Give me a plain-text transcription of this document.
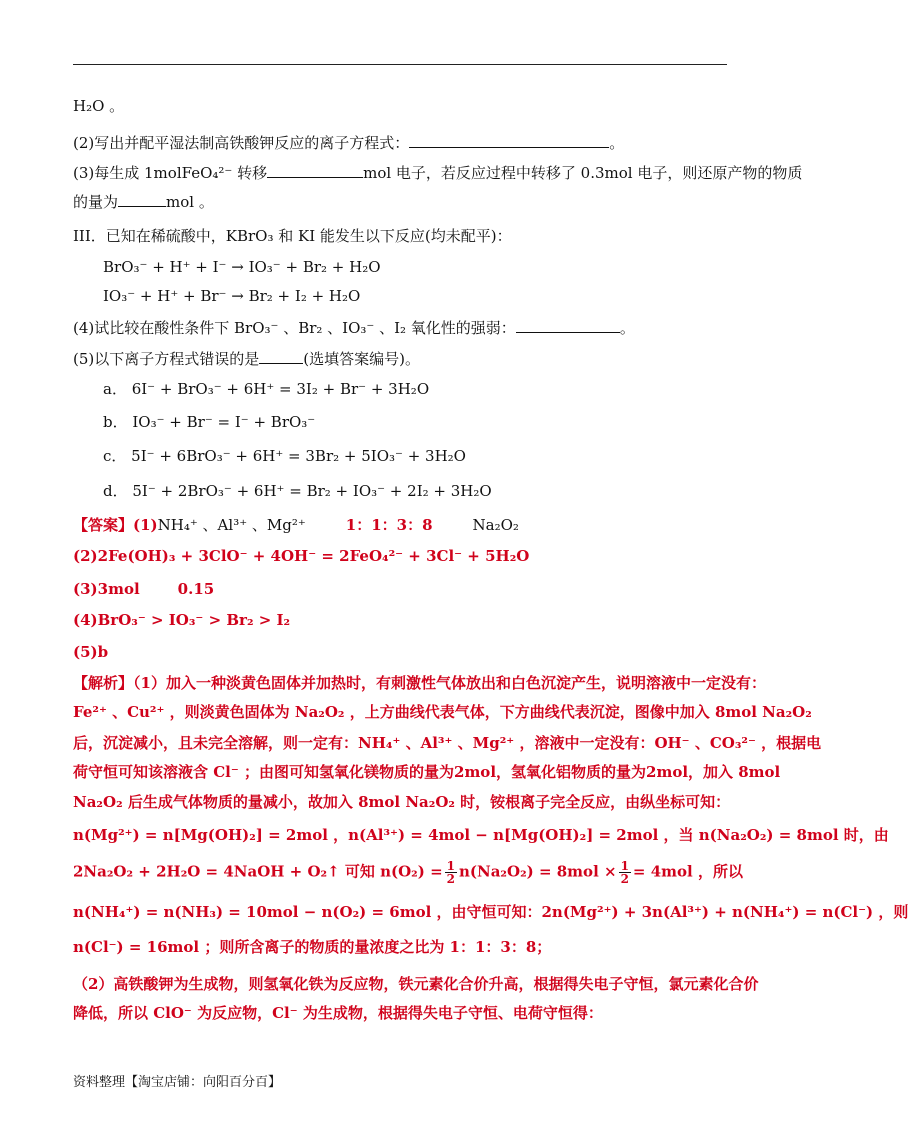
H₂O 。
(2)写出并配平湿法制高铁酸钾反应的离子方程式：	。
(3)每生成 1molFeO₄²⁻ 转移	mol 电子，若反应过程中转移了 0.3mol 电子，则还原产物的物质
的量为	mol 。
III．已知在稀硫酸中，KBrO₃ 和 KI 能发生以下反应(均未配平)：
BrO₃⁻ + H⁺ + I⁻ → IO₃⁻ + Br₂ + H₂O
IO₃⁻ + H⁺ + Br⁻ → Br₂ + I₂ + H₂O
(4)试比较在酸性条件下 BrO₃⁻ 、Br₂ 、IO₃⁻ 、I₂ 氧化性的强弱：	。
(5)以下离子方程式错误的是	(选填答案编号)。
a． 6I⁻ + BrO₃⁻ + 6H⁺ = 3I₂ + Br⁻ + 3H₂O
b． IO₃⁻ + Br⁻ = I⁻ + BrO₃⁻
c． 5I⁻ + 6BrO₃⁻ + 6H⁺ = 3Br₂ + 5IO₃⁻ + 3H₂O
d． 5I⁻ + 2BrO₃⁻ + 6H⁺ = Br₂ + IO₃⁻ + 2I₂ + 3H₂O
【答案】(1)NH₄⁺ 、Al³⁺ 、Mg²⁺	1：1：3：8	Na₂O₂
(2)2Fe(OH)₃ + 3ClO⁻ + 4OH⁻ = 2FeO₄²⁻ + 3Cl⁻ + 5H₂O
(3)3mol	0.15
(4)BrO₃⁻ > IO₃⁻ > Br₂ > I₂
(5)b
【解析】（1）加入一种淡黄色固体并加热时，有刺激性气体放出和白色沉淀产生，说明溶液中一定没有：
Fe²⁺ 、Cu²⁺ ，则淡黄色固体为 Na₂O₂ ，上方曲线代表气体，下方曲线代表沉淀，图像中加入 8mol Na₂O₂
后，沉淀减小，且未完全溶解，则一定有：NH₄⁺ 、Al³⁺ 、Mg²⁺ ，溶液中一定没有：OH⁻ 、CO₃²⁻ ，根据电
荷守恒可知该溶液含 Cl⁻ ；由图可知氢氧化镁物质的量为2mol，氢氧化铝物质的量为2mol，加入 8mol
Na₂O₂ 后生成气体物质的量减小，故加入 8mol Na₂O₂ 时，铵根离子完全反应，由纵坐标可知：
n(Mg²⁺) = n[Mg(OH)₂] = 2mol ，n(Al³⁺) = 4mol − n[Mg(OH)₂] = 2mol ，当 n(Na₂O₂) = 8mol 时，由
2Na₂O₂ + 2H₂O = 4NaOH + O₂↑ 可知 $n(O_2) = \frac{1}{2} n(Na_2O_2) = 8mol \times \frac{1}{2} = 4mol$ ，所以
n(NH₄⁺) = n(NH₃) = 10mol − n(O₂) = 6mol ，由守恒可知：2n(Mg²⁺) + 3n(Al³⁺) + n(NH₄⁺) = n(Cl⁻) ，则
n(Cl⁻) = 16mol ；则所含离子的物质的量浓度之比为 1：1：3：8；
（2）高铁酸钾为生成物，则氢氧化铁为反应物，铁元素化合价升高，根据得失电子守恒，氯元素化合价
降低，所以 ClO⁻ 为反应物，Cl⁻ 为生成物，根据得失电子守恒、电荷守恒得：
资料整理【淘宝店铺：向阳百分百】
